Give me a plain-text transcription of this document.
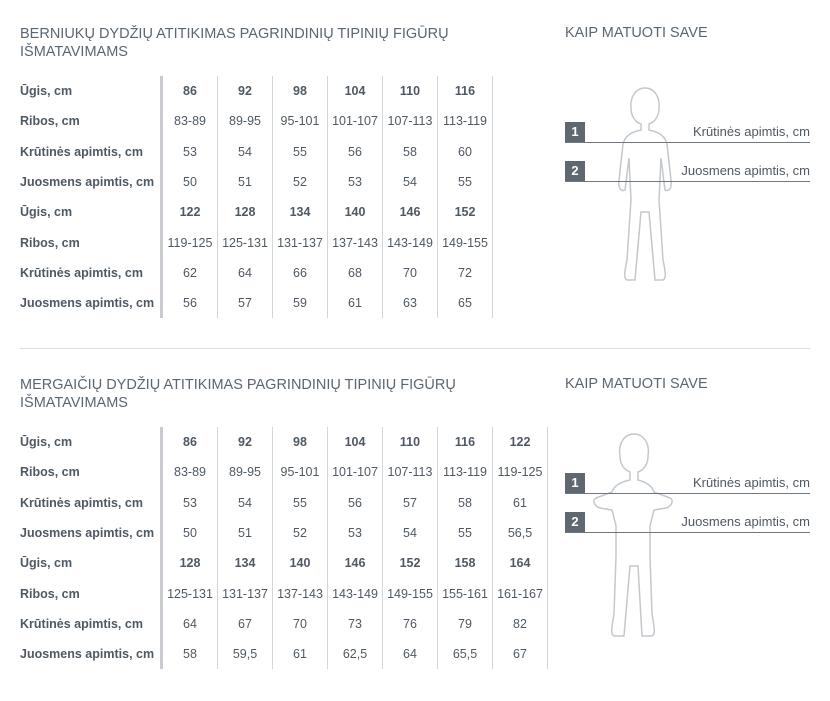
BERNIUKŲ DYDŽIŲ ATITIKIMAS PAGRINDINIŲ TIPINIŲ FIGŪRŲ IŠMATAVIMAMS
KAIP MATUOTI SAVE
Ūgis, cm	86	92	98	104	110	116	
Ribos, cm	83-89	89-95	95-101	101-107	107-113	113-119	
Krūtinės apimtis, cm	53	54	55	56	58	60	
Juosmens apimtis, cm	50	51	52	53	54	55	
Ūgis, cm	122	128	134	140	146	152	
Ribos, cm	119-125	125-131	131-137	137-143	143-149	149-155	
Krūtinės apimtis, cm	62	64	66	68	70	72	
Juosmens apimtis, cm	56	57	59	61	63	65	
1	Krūtinės apimtis, cm
2	Juosmens apimtis, cm
MERGAIČIŲ DYDŽIŲ ATITIKIMAS PAGRINDINIŲ TIPINIŲ FIGŪRŲ IŠMATAVIMAMS
KAIP MATUOTI SAVE
Ūgis, cm	86	92	98	104	110	116	122	
Ribos, cm	83-89	89-95	95-101	101-107	107-113	113-119	119-125	
Krūtinės apimtis, cm	53	54	55	56	57	58	61	
Juosmens apimtis, cm	50	51	52	53	54	55	56,5	
Ūgis, cm	128	134	140	146	152	158	164	
Ribos, cm	125-131	131-137	137-143	143-149	149-155	155-161	161-167	
Krūtinės apimtis, cm	64	67	70	73	76	79	82	
Juosmens apimtis, cm	58	59,5	61	62,5	64	65,5	67	
1	Krūtinės apimtis, cm
2	Juosmens apimtis, cm
